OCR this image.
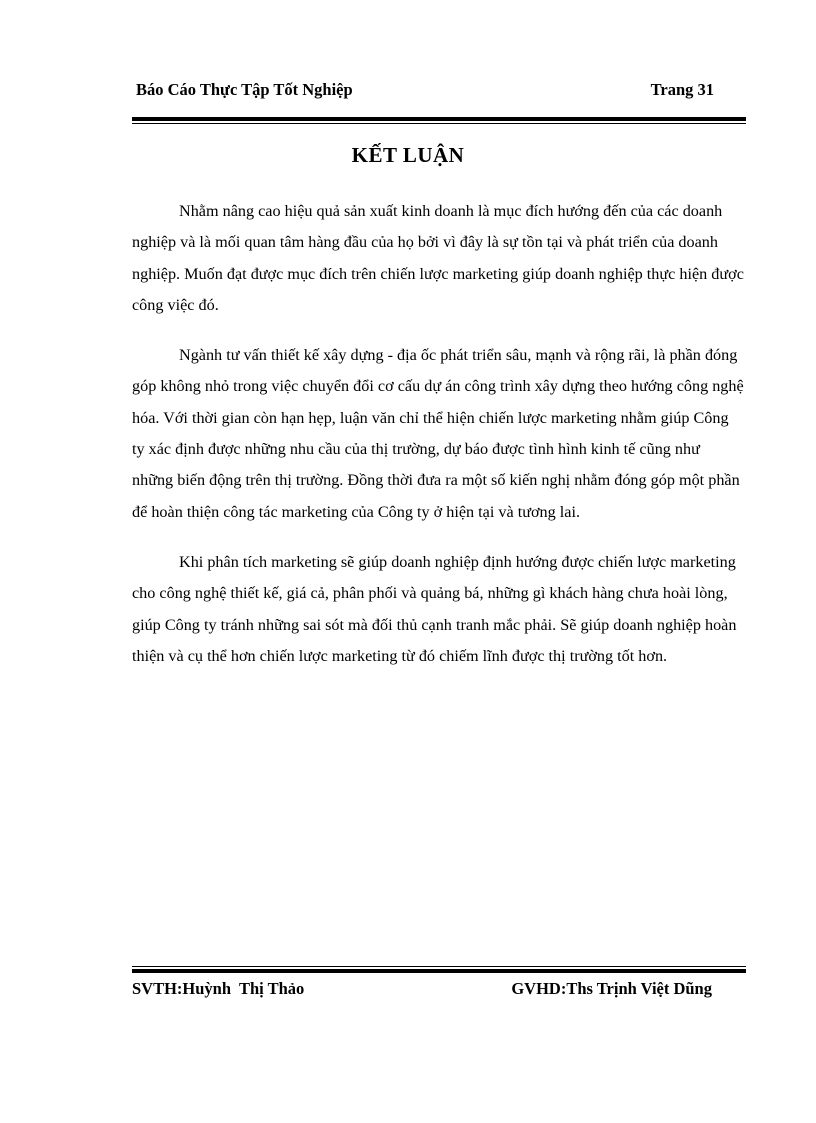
Báo Cáo Thực Tập Tốt Nghiệp	Trang 31
KẾT LUẬN

Nhằm nâng cao hiệu quả sản xuất kinh doanh là mục đích hướng đến của các doanh nghiệp và là mối quan tâm hàng đầu của họ bởi vì đây là sự tồn tại và phát triển của doanh nghiệp. Muốn đạt được mục đích trên chiến lược marketing giúp doanh nghiệp thực hiện được công việc đó.

Ngành tư vấn thiết kế xây dựng - địa ốc phát triển sâu, mạnh và rộng rãi, là phần đóng góp không nhỏ trong việc chuyển đổi cơ cấu dự án công trình xây dựng theo hướng công nghệ hóa. Với thời gian còn hạn hẹp, luận văn chỉ thể hiện chiến lược marketing nhằm giúp Công ty xác định được những nhu cầu của thị trường, dự báo được tình hình kinh tế cũng như những biến động trên thị trường. Đồng thời đưa ra một số kiến nghị nhằm đóng góp một phần để hoàn thiện công tác marketing của Công ty ở hiện tại và tương lai.

Khi phân tích marketing sẽ giúp doanh nghiệp định hướng được chiến lược marketing cho công nghệ thiết kế, giá cả, phân phối và quảng bá, những gì khách hàng chưa hoài lòng, giúp Công ty tránh những sai sót mà đối thủ cạnh tranh mắc phải. Sẽ giúp doanh nghiệp hoàn thiện và cụ thể hơn chiến lược marketing từ đó chiếm lĩnh được thị trường tốt hơn.

SVTH:Huỳnh  Thị Thảo	GVHD:Ths Trịnh Việt Dũng
